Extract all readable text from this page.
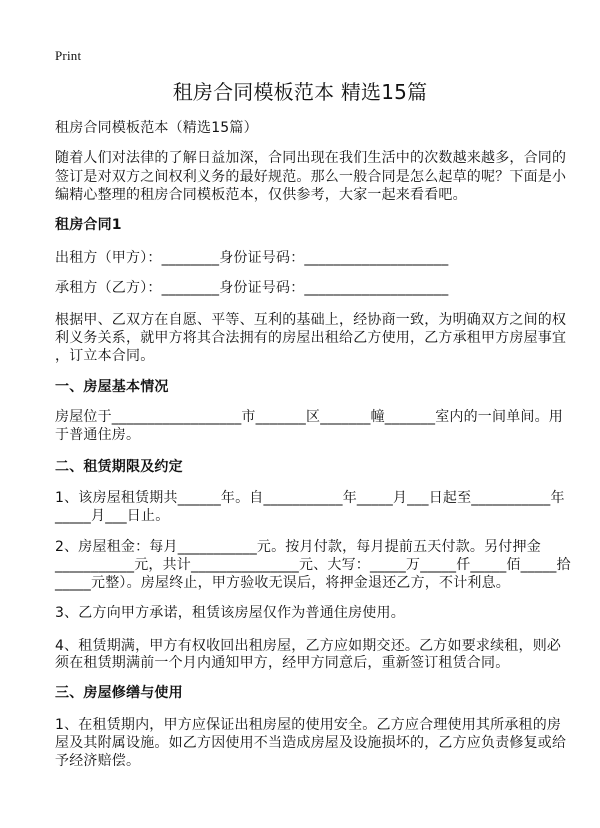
Print
租房合同模板范本 精选15篇
租房合同模板范本（精选15篇）
随着人们对法律的了解日益加深，合同出现在我们生活中的次数越来越多，合同的
签订是对双方之间权利义务的最好规范。那么一般合同是怎么起草的呢？下面是小
编精心整理的租房合同模板范本，仅供参考，大家一起来看看吧。
租房合同1
出租方（甲方）：________身份证号码：____________________
承租方（乙方）：________身份证号码：____________________
根据甲、乙双方在自愿、平等、互利的基础上，经协商一致，为明确双方之间的权
利义务关系，就甲方将其合法拥有的房屋出租给乙方使用，乙方承租甲方房屋事宜
，订立本合同。
一、房屋基本情况
房屋位于__________________市_______区_______幢_______室内的一间单间。用
于普通住房。
二、租赁期限及约定
1、该房屋租赁期共______年。自___________年_____月___日起至___________年
_____月___日止。
2、房屋租金：每月___________元。按月付款，每月提前五天付款。另付押金
___________元，共计_______________元、大写：_____万_____仟_____佰_____拾
_____元整）。房屋终止，甲方验收无误后，将押金退还乙方，不计利息。
3、乙方向甲方承诺，租赁该房屋仅作为普通住房使用。
4、租赁期满，甲方有权收回出租房屋，乙方应如期交还。乙方如要求续租，则必
须在租赁期满前一个月内通知甲方，经甲方同意后，重新签订租赁合同。
三、房屋修缮与使用
1、在租赁期内，甲方应保证出租房屋的使用安全。乙方应合理使用其所承租的房
屋及其附属设施。如乙方因使用不当造成房屋及设施损坏的，乙方应负责修复或给
予经济赔偿。
